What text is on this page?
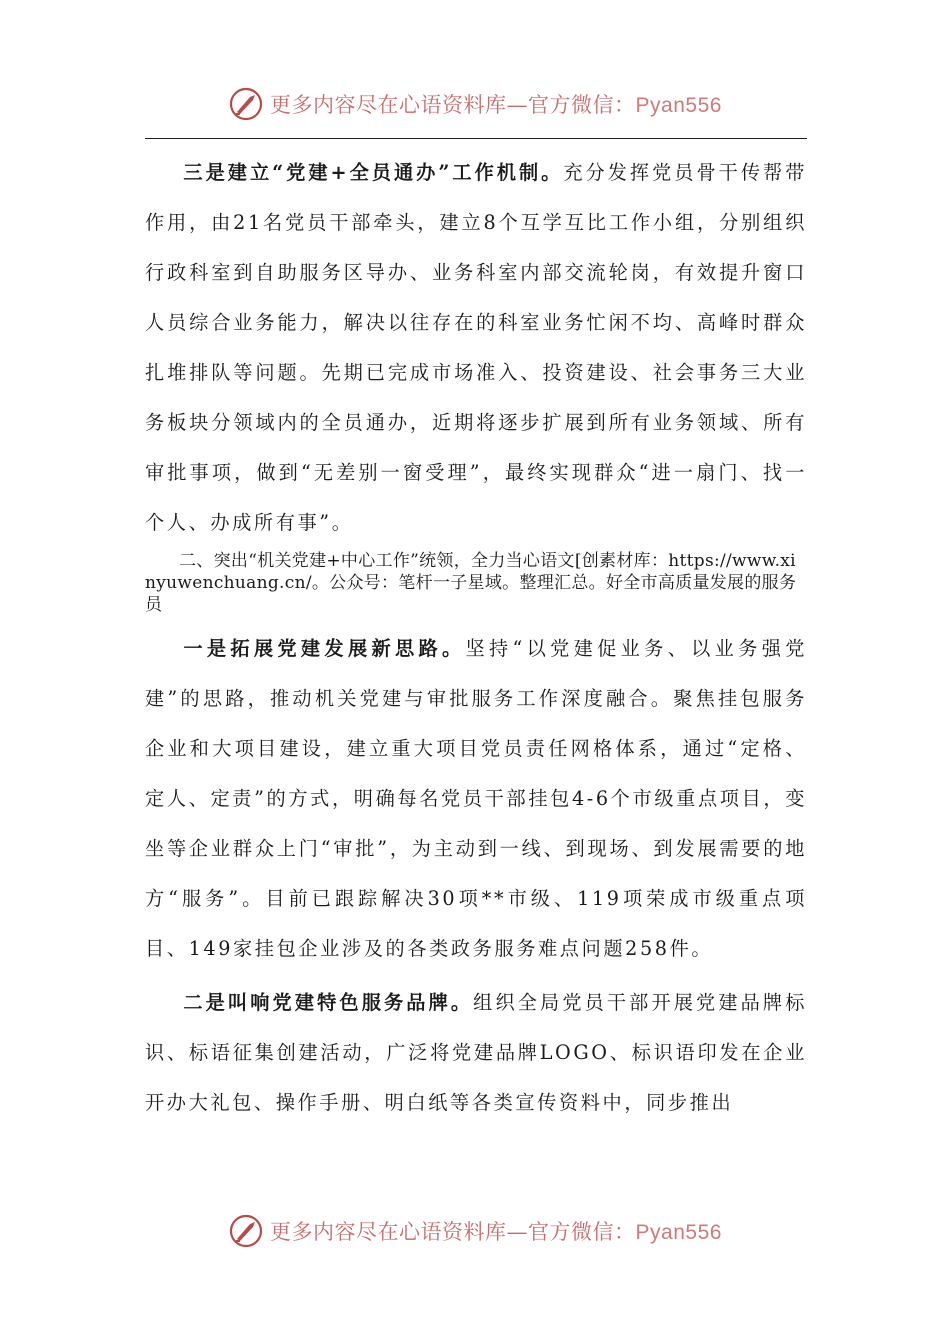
更多内容尽在心语资料库—官方微信：Pyan556

三是建立“党建+全员通办”工作机制。充分发挥党员骨干传帮带作用，由21名党员干部牵头，建立8个互学互比工作小组，分别组织行政科室到自助服务区导办、业务科室内部交流轮岗，有效提升窗口人员综合业务能力，解决以往存在的科室业务忙闲不均、高峰时群众扎堆排队等问题。先期已完成市场准入、投资建设、社会事务三大业务板块分领域内的全员通办，近期将逐步扩展到所有业务领域、所有审批事项，做到“无差别一窗受理”，最终实现群众“进一扇门、找一个人、办成所有事”。

二、突出“机关党建+中心工作”统领，全力当心语文[创素材库：https://www.xinyuwenchuang.cn/。公众号：笔杆一子星域。整理汇总。好全市高质量发展的服务员

一是拓展党建发展新思路。坚持“以党建促业务、以业务强党建”的思路，推动机关党建与审批服务工作深度融合。聚焦挂包服务企业和大项目建设，建立重大项目党员责任网格体系，通过“定格、定人、定责”的方式，明确每名党员干部挂包4-6个市级重点项目，变坐等企业群众上门“审批”，为主动到一线、到现场、到发展需要的地方“服务”。目前已跟踪解决30项**市级、119项荣成市级重点项目、149家挂包企业涉及的各类政务服务难点问题258件。

二是叫响党建特色服务品牌。组织全局党员干部开展党建品牌标识、标语征集创建活动，广泛将党建品牌LOGO、标识语印发在企业开办大礼包、操作手册、明白纸等各类宣传资料中，同步推出

更多内容尽在心语资料库—官方微信：Pyan556
